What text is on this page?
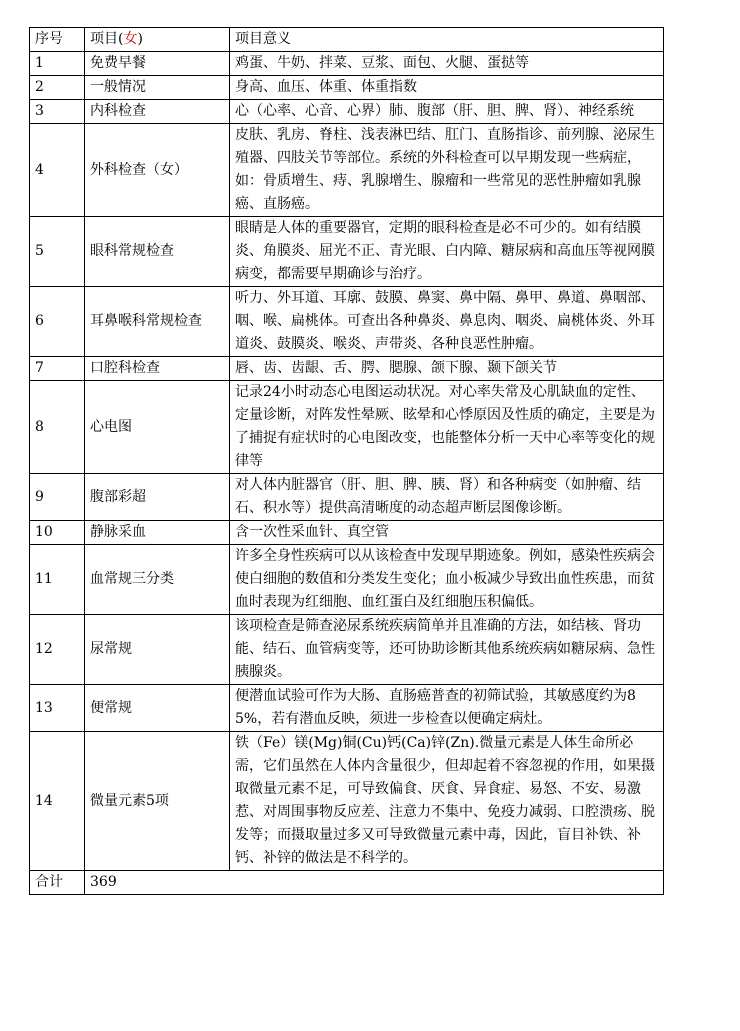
序号	项目(女)	项目意义
1	免费早餐	鸡蛋、牛奶、拌菜、豆浆、面包、火腿、蛋挞等
2	一般情况	身高、血压、体重、体重指数
3	内科检查	心（心率、心音、心界）肺、腹部（肝、胆、脾、肾）、神经系统
4	外科检查（女）	皮肤、乳房、脊柱、浅表淋巴结、肛门、直肠指诊、前列腺、泌尿生殖器、四肢关节等部位。系统的外科检查可以早期发现一些病症，如：骨质增生、痔、乳腺增生、腺瘤和一些常见的恶性肿瘤如乳腺癌、直肠癌。
5	眼科常规检查	眼睛是人体的重要器官，定期的眼科检查是必不可少的。如有结膜炎、角膜炎、屈光不正、青光眼、白内障、糖尿病和高血压等视网膜病变，都需要早期确诊与治疗。
6	耳鼻喉科常规检查	听力、外耳道、耳廓、鼓膜、鼻窦、鼻中隔、鼻甲、鼻道、鼻咽部、咽、喉、扁桃体。可查出各种鼻炎、鼻息肉、咽炎、扁桃体炎、外耳道炎、鼓膜炎、喉炎、声带炎、各种良恶性肿瘤。
7	口腔科检查	唇、齿、齿龈、舌、腭、腮腺、颌下腺、颞下颌关节
8	心电图	记录24小时动态心电图运动状况。对心率失常及心肌缺血的定性、定量诊断，对阵发性晕厥、眩晕和心悸原因及性质的确定，主要是为了捕捉有症状时的心电图改变，也能整体分析一天中心率等变化的规律等
9	腹部彩超	对人体内脏器官（肝、胆、脾、胰、肾）和各种病变（如肿瘤、结石、积水等）提供高清晰度的动态超声断层图像诊断。
10	静脉采血	含一次性采血针、真空管
11	血常规三分类	许多全身性疾病可以从该检查中发现早期迹象。例如，感染性疾病会使白细胞的数值和分类发生变化；血小板减少导致出血性疾患，而贫血时表现为红细胞、血红蛋白及红细胞压积偏低。
12	尿常规	该项检查是筛查泌尿系统疾病简单并且准确的方法，如结核、肾功能、结石、血管病变等，还可协助诊断其他系统疾病如糖尿病、急性胰腺炎。
13	便常规	便潜血试验可作为大肠、直肠癌普查的初筛试验，其敏感度约为85%，若有潜血反映，须进一步检查以便确定病灶。
14	微量元素5项	铁（Fe）镁(Mg)铜(Cu)钙(Ca)锌(Zn).微量元素是人体生命所必需，它们虽然在人体内含量很少，但却起着不容忽视的作用，如果摄取微量元素不足，可导致偏食、厌食、异食症、易怒、不安、易激惹、对周围事物反应差、注意力不集中、免疫力减弱、口腔溃疡、脱发等；而摄取量过多又可导致微量元素中毒，因此，盲目补铁、补钙、补锌的做法是不科学的。
合计	369	
